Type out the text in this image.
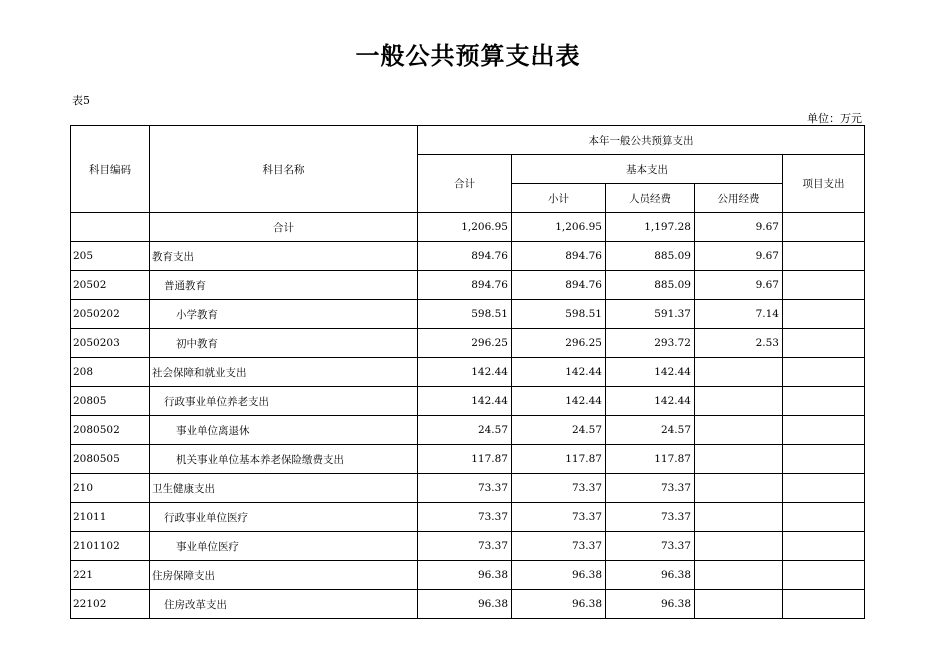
一般公共预算支出表
表5
单位：万元
科目编码	科目名称	本年一般公共预算支出				
		合计	基本支出			项目支出
			小计	人员经费	公用经费	
	合计	1,206.95	1,206.95	1,197.28	9.67	
205	教育支出	894.76	894.76	885.09	9.67	
20502	普通教育	894.76	894.76	885.09	9.67	
2050202	小学教育	598.51	598.51	591.37	7.14	
2050203	初中教育	296.25	296.25	293.72	2.53	
208	社会保障和就业支出	142.44	142.44	142.44		
20805	行政事业单位养老支出	142.44	142.44	142.44		
2080502	事业单位离退休	24.57	24.57	24.57		
2080505	机关事业单位基本养老保险缴费支出	117.87	117.87	117.87		
210	卫生健康支出	73.37	73.37	73.37		
21011	行政事业单位医疗	73.37	73.37	73.37		
2101102	事业单位医疗	73.37	73.37	73.37		
221	住房保障支出	96.38	96.38	96.38		
22102	住房改革支出	96.38	96.38	96.38		
